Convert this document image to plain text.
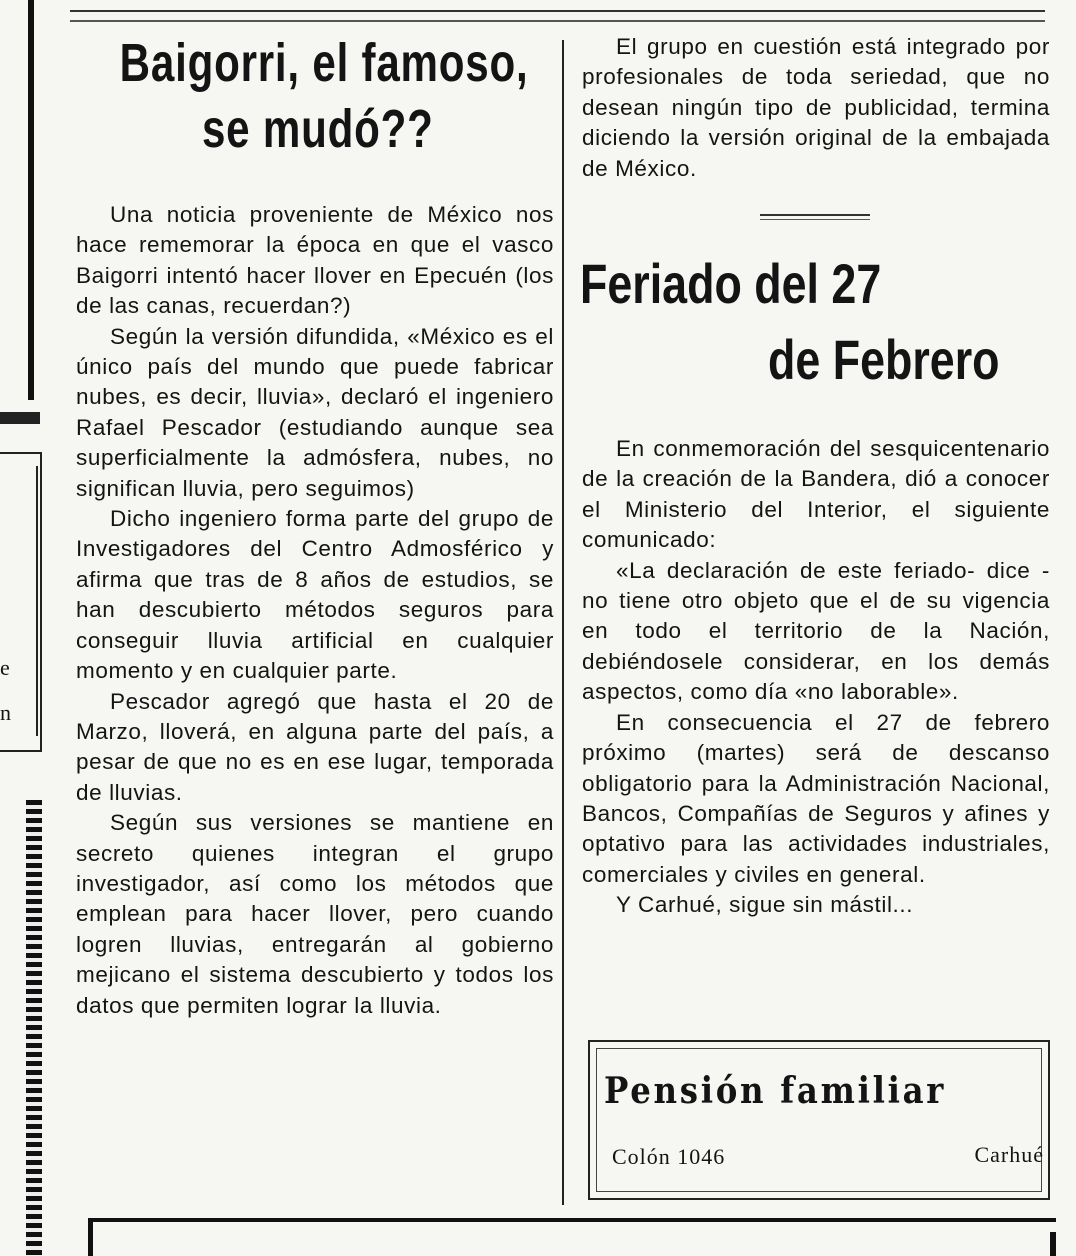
e
n
Baigorri, el famoso,
se mudó??

Una noticia proveniente de México nos hace rememorar la época en que el vasco Baigorri intentó hacer llover en Epecuén (los de las canas, recuerdan?)

Según la versión difundida, «México es el único país del mundo que puede fabricar nubes, es decir, lluvia», declaró el ingeniero Rafael Pescador (estudiando aunque sea superficialmente la admósfera, nubes, no significan lluvia, pero seguimos)

Dicho ingeniero forma parte del grupo de Investigadores del Centro Admosférico y afirma que tras de 8 años de estudios, se han descubierto métodos seguros para conseguir lluvia artificial en cualquier momento y en cualquier parte.

Pescador agregó que hasta el 20 de Marzo, lloverá, en alguna parte del país, a pesar de que no es en ese lugar, temporada de lluvias.

Según sus versiones se mantiene en secreto quienes integran el grupo investigador, así como los métodos que emplean para hacer llover, pero cuando logren lluvias, entregarán al gobierno mejicano el sistema descubierto y todos los datos que permiten lograr la lluvia.

El grupo en cuestión está integrado por profesionales de toda seriedad, que no desean ningún tipo de publicidad, termina diciendo la versión original de la embajada de México.

Feriado del 27
de Febrero

En conmemoración del sesquicentenario de la creación de la Bandera, dió a conocer el Ministerio del Interior, el siguiente comunicado:

«La declaración de este feriado- dice - no tiene otro objeto que el de su vigencia en todo el territorio de la Nación, debiéndosele considerar, en los demás aspectos, como día «no laborable».

En consecuencia el 27 de febrero próximo (martes) será de descanso obligatorio para la Administración Nacional, Bancos, Compañías de Seguros y afines y optativo para las actividades industriales, comerciales y civiles en general.

Y Carhué, sigue sin mástil...

Pensión familiar
Colón 1046	Carhué
